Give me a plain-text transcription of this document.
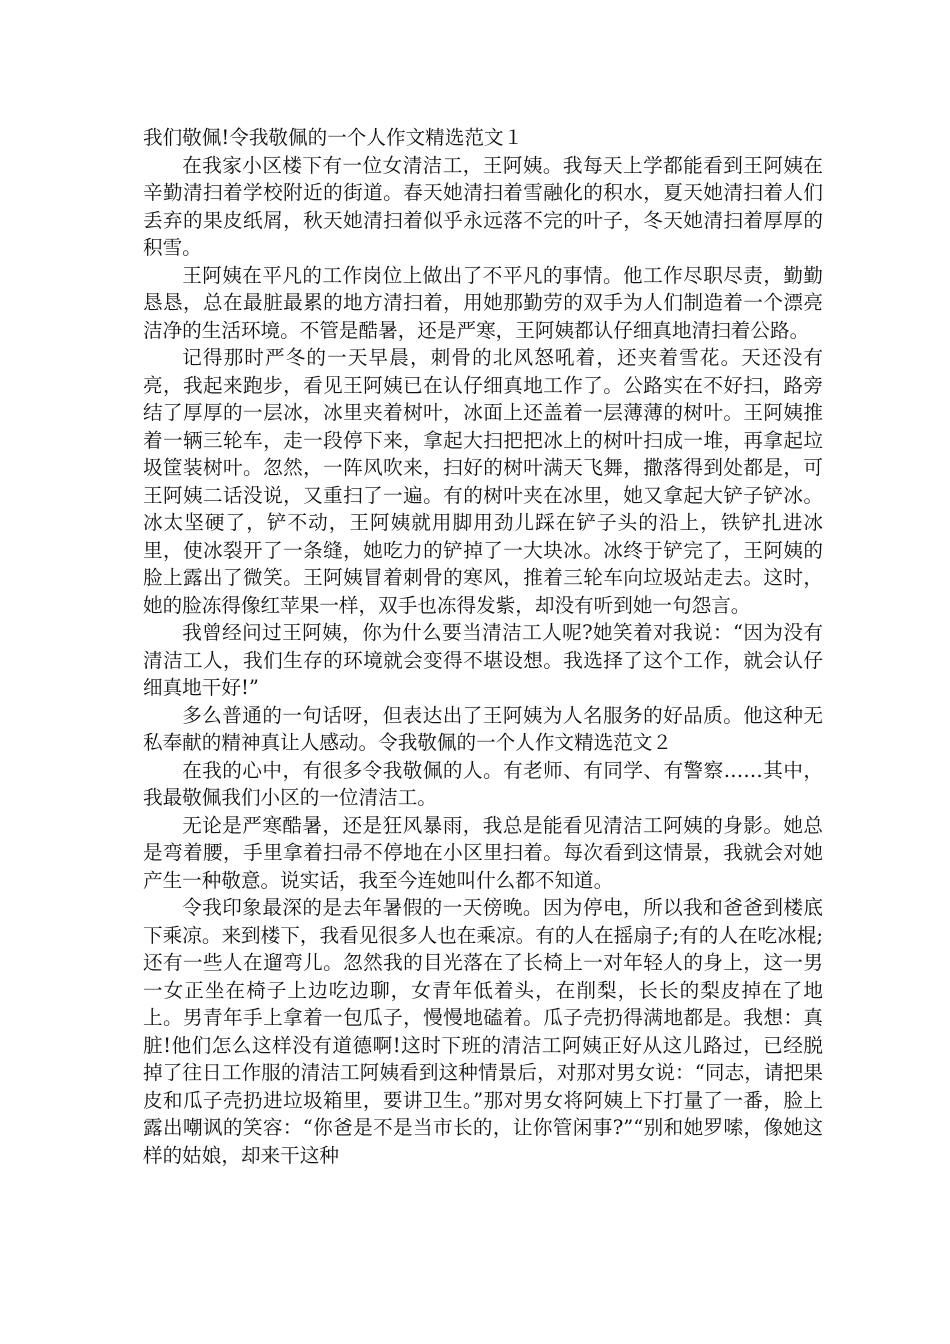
我们敬佩!令我敬佩的一个人作文精选范文１

在我家小区楼下有一位女清洁工，王阿姨。我每天上学都能看到王阿姨在辛勤清扫着学校附近的街道。春天她清扫着雪融化的积水，夏天她清扫着人们丢弃的果皮纸屑，秋天她清扫着似乎永远落不完的叶子，冬天她清扫着厚厚的积雪。

王阿姨在平凡的工作岗位上做出了不平凡的事情。他工作尽职尽责，勤勤恳恳，总在最脏最累的地方清扫着，用她那勤劳的双手为人们制造着一个漂亮洁净的生活环境。不管是酷暑，还是严寒，王阿姨都认仔细真地清扫着公路。

记得那时严冬的一天早晨，刺骨的北风怒吼着，还夹着雪花。天还没有亮，我起来跑步，看见王阿姨已在认仔细真地工作了。公路实在不好扫，路旁结了厚厚的一层冰，冰里夹着树叶，冰面上还盖着一层薄薄的树叶。王阿姨推着一辆三轮车，走一段停下来，拿起大扫把把冰上的树叶扫成一堆，再拿起垃圾筐装树叶。忽然，一阵风吹来，扫好的树叶满天飞舞，撒落得到处都是，可王阿姨二话没说，又重扫了一遍。有的树叶夹在冰里，她又拿起大铲子铲冰。冰太坚硬了，铲不动，王阿姨就用脚用劲儿踩在铲子头的沿上，铁铲扎进冰里，使冰裂开了一条缝，她吃力的铲掉了一大块冰。冰终于铲完了，王阿姨的脸上露出了微笑。王阿姨冒着刺骨的寒风，推着三轮车向垃圾站走去。这时，她的脸冻得像红苹果一样，双手也冻得发紫，却没有听到她一句怨言。

我曾经问过王阿姨，你为什么要当清洁工人呢?她笑着对我说：“因为没有清洁工人，我们生存的环境就会变得不堪设想。我选择了这个工作，就会认仔细真地干好!”

多么普通的一句话呀，但表达出了王阿姨为人名服务的好品质。他这种无私奉献的精神真让人感动。令我敬佩的一个人作文精选范文２

在我的心中，有很多令我敬佩的人。有老师、有同学、有警察……其中，我最敬佩我们小区的一位清洁工。

无论是严寒酷暑，还是狂风暴雨，我总是能看见清洁工阿姨的身影。她总是弯着腰，手里拿着扫帚不停地在小区里扫着。每次看到这情景，我就会对她产生一种敬意。说实话，我至今连她叫什么都不知道。

令我印象最深的是去年暑假的一天傍晚。因为停电，所以我和爸爸到楼底下乘凉。来到楼下，我看见很多人也在乘凉。有的人在摇扇子;有的人在吃冰棍;还有一些人在遛弯儿。忽然我的目光落在了长椅上一对年轻人的身上，这一男一女正坐在椅子上边吃边聊，女青年低着头，在削梨，长长的梨皮掉在了地上。男青年手上拿着一包瓜子，慢慢地磕着。瓜子壳扔得满地都是。我想：真脏!他们怎么这样没有道德啊!这时下班的清洁工阿姨正好从这儿路过，已经脱掉了往日工作服的清洁工阿姨看到这种情景后，对那对男女说：“同志，请把果皮和瓜子壳扔进垃圾箱里，要讲卫生。”那对男女将阿姨上下打量了一番，脸上露出嘲讽的笑容：“你爸是不是当市长的，让你管闲事?”“别和她罗嗦，像她这样的姑娘，却来干这种
